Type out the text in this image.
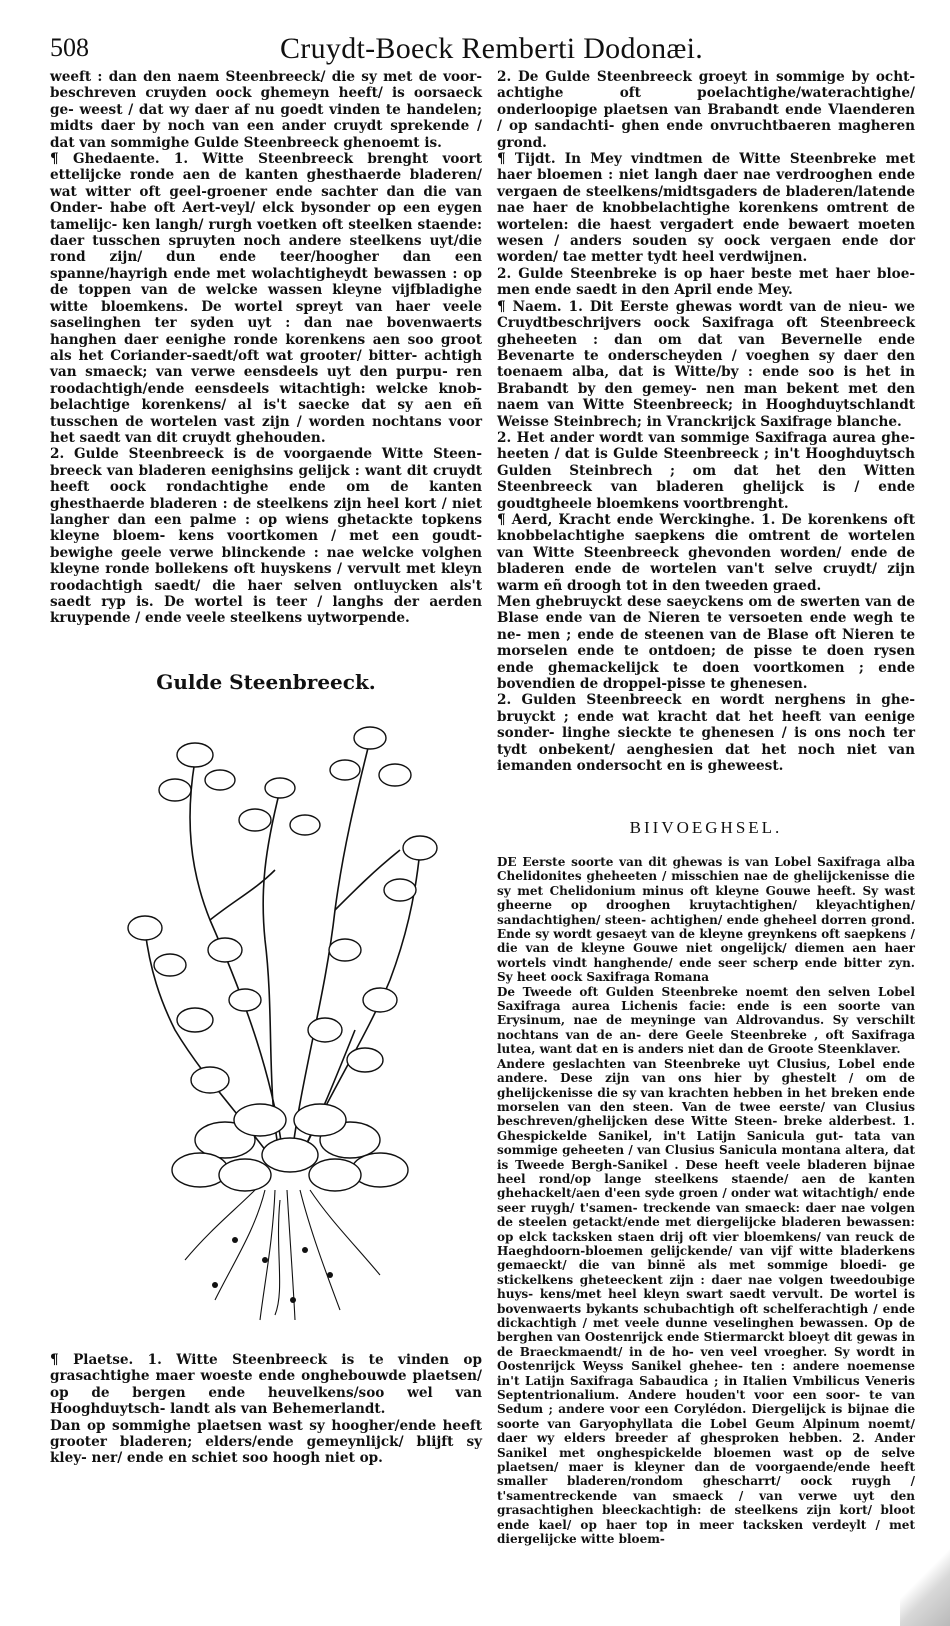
508	Cruydt-Boeck Remberti Dodonæi.

weeft : dan den naem Steenbreeck/ die sy met de voor- beschreven cruyden oock ghemeyn heeft/ is oorsaeck ge- weest / dat wy daer af nu goedt vinden te handelen; midts daer by noch van een ander cruydt sprekende / dat van sommighe Gulde Steenbreeck ghenoemt is.

¶ Ghedaente. 1. Witte Steenbreeck brenght voort ettelijcke ronde aen de kanten ghesthaerde bladeren/ wat witter oft geel-groener ende sachter dan die van Onder- habe oft Aert-veyl/ elck bysonder op een eygen tamelijc- ken langh/ rurgh voetken oft steelken staende: daer tusschen spruyten noch andere steelkens uyt/die rond zijn/ dun ende teer/hoogher dan een spanne/hayrigh ende met wolachtigheydt bewassen : op de toppen van de welcke wassen kleyne vijfbladighe witte bloemkens. De wortel spreyt van haer veele saselinghen ter syden uyt : dan nae bovenwaerts hanghen daer eenighe ronde korenkens aen soo groot als het Coriander-saedt/oft wat grooter/ bitter- achtigh van smaeck; van verwe eensdeels uyt den purpu- ren roodachtigh/ende eensdeels witachtigh: welcke knob- belachtige korenkens/ al is't saecke dat sy aen eñ tusschen de wortelen vast zijn / worden nochtans voor het saedt van dit cruydt ghehouden.

2. Gulde Steenbreeck is de voorgaende Witte Steen- breeck van bladeren eenighsins gelijck : want dit cruydt heeft oock rondachtighe ende om de kanten ghesthaerde bladeren : de steelkens zijn heel kort / niet langher dan een palme : op wiens ghetackte topkens kleyne bloem- kens voortkomen / met een goudt-bewighe geele verwe blinckende : nae welcke volghen kleyne ronde bollekens oft huyskens / vervult met kleyn roodachtigh saedt/ die haer selven ontluycken als't saedt ryp is. De wortel is teer / langhs der aerden kruypende / ende veele steelkens uytworpende.

Gulde Steenbreeck.

¶ Plaetse. 1. Witte Steenbreeck is te vinden op grasachtighe maer woeste ende onghebouwde plaetsen/ op de bergen ende heuvelkens/soo wel van Hooghduytsch- landt als van Behemerlandt.

Dan op sommighe plaetsen wast sy hoogher/ende heeft grooter bladeren; elders/ende gemeynlijck/ blijft sy kley- ner/ ende en schiet soo hoogh niet op.

2. De Gulde Steenbreeck groeyt in sommige by ocht- achtighe oft poelachtighe/waterachtighe/ onderloopige plaetsen van Brabandt ende Vlaenderen / op sandachti- ghen ende onvruchtbaeren magheren grond.

¶ Tijdt. In Mey vindtmen de Witte Steenbreke met haer bloemen : niet langh daer nae verdrooghen ende vergaen de steelkens/midtsgaders de bladeren/latende nae haer de knobbelachtighe korenkens omtrent de wortelen: die haest vergadert ende bewaert moeten wesen / anders souden sy oock vergaen ende dor worden/ tae metter tydt heel verdwijnen.

2. Gulde Steenbreke is op haer beste met haer bloe- men ende saedt in den April ende Mey.

¶ Naem. 1. Dit Eerste ghewas wordt van de nieu- we Cruydtbeschrijvers oock Saxifraga oft Steenbreeck gheheeten : dan om dat van Bevernelle ende Bevenarte te onderscheyden / voeghen sy daer den toenaem alba, dat is Witte/by : ende soo is het in Brabandt by den gemey- nen man bekent met den naem van Witte Steenbreeck; in Hooghduytschlandt Weisse Steinbrech; in Vranckrijck Saxifrage blanche.

2. Het ander wordt van sommige Saxifraga aurea ghe- heeten / dat is Gulde Steenbreeck ; in't Hooghduytsch Gulden Steinbrech ; om dat het den Witten Steenbreeck van bladeren ghelijck is / ende goudtgheele bloemkens voortbrenght.

¶ Aerd, Kracht ende Werckinghe. 1. De korenkens oft knobbelachtighe saepkens die omtrent de wortelen van Witte Steenbreeck ghevonden worden/ ende de bladeren ende de wortelen van't selve cruydt/ zijn warm eñ droogh tot in den tweeden graed.

Men ghebruyckt dese saeyckens om de swerten van de Blase ende van de Nieren te versoeten ende wegh te ne- men ; ende de steenen van de Blase oft Nieren te morselen ende te ontdoen; de pisse te doen rysen ende ghemackelijck te doen voortkomen ; ende bovendien de droppel-pisse te ghenesen.

2. Gulden Steenbreeck en wordt nerghens in ghe- bruyckt ; ende wat kracht dat het heeft van eenige sonder- linghe siecktе te ghenesen / is ons noch ter tydt onbekent/ aenghesien dat het noch niet van iemanden ondersocht en is gheweest.

BIIVOEGHSEL.

DE Eerste soorte van dit ghewas is van Lobel Saxifraga alba Chelidonites gheheeten / misschien nae de ghelijckenisse die sy met Chelidonium minus oft kleyne Gouwe heeft. Sy wast gheerne op drooghen kruytachtighen/ kleyachtighen/ sandachtighen/ steen- achtighen/ ende gheheel dorren grond. Ende sy wordt gesaeyt van de kleyne greynkens oft saepkens / die van de kleyne Gouwe niet ongelijck/ diemen aen haer wortels vindt hanghende/ ende seer scherp ende bitter zyn. Sy heet oock Saxifraga Romana

De Tweede oft Gulden Steenbreke noemt den selven Lobel Saxifraga aurea Lichenis facie: ende is een soorte van Erysinum, nae de meyninge van Aldrovandus. Sy verschilt nochtans van de an- dere Geele Steenbreke , oft Saxifraga lutea, want dat en is anders niet dan de Groote Steenklaver.

Andere geslachten van Steenbreke uyt Clusius, Lobel ende andere. Dese zijn van ons hier by ghestelt / om de ghelijckenisse die sy van krachten hebben in het breken ende morselen van den steen. Van de twee eerste/ van Clusius beschreven/ghelijcken dese Witte Steen- breke alderbest. 1. Ghespickelde Sanikel, in't Latijn Sanicula gut- tata van sommige geheeten / van Clusius Sanicula montana altera, dat is Tweede Bergh-Sanikel . Dese heeft veele bladeren bijnae heel rond/op lange steelkens staende/ aen de kanten ghehackelt/aen d'een syde groen / onder wat witachtigh/ ende seer ruygh/ t'samen- treckende van smaeck: daer nae volgen de steelen getackt/ende met diergelijcke bladeren bewassen: op elck tacksken staen drij oft vier bloemkens/ van reuck de Haeghdoorn-bloemen gelijckende/ van vijf witte bladerkens gemaeckt/ die van binnë als met sommige bloedi- ge stickelkens gheteeckent zijn : daer nae volgen tweedoubige huys- kens/met heel kleyn swart saedt vervult. De wortel is bovenwaerts bykants schubachtigh oft schelferachtigh / ende dickachtigh / met veele dunne veselinghen bewassen. Op de berghen van Oostenrijck ende Stiermarckt bloeyt dit gewas in de Braeckmaendt/ in de ho- ven veel vroegher. Sy wordt in Oostenrijck Weyss Sanikel ghehee- ten : andere noemense in't Latijn Saxifraga Sabaudica ; in Italien Vmbilicus Veneris Septentrionalium. Andere houden't voor een soor- te van Sedum ; andere voor een Corylédon. Diergelijck is bijnae die soorte van Garyophyllata die Lobel Geum Alpinum noemt/ daer wy elders breeder af ghesproken hebben. 2. Ander Sanikel met onghespickelde bloemen wast op de selve plaetsen/ maer is kleyner dan de voorgaende/ende heeft smaller bladeren/rondom ghescharrt/ oock ruygh / t'samentreckende van smaeck / van verwe uyt den grasachtighen bleeckachtigh: de steelkens zijn kort/ bloot ende kael/ op haer top in meer tacksken verdeylt / met diergelijcke witte bloem-
